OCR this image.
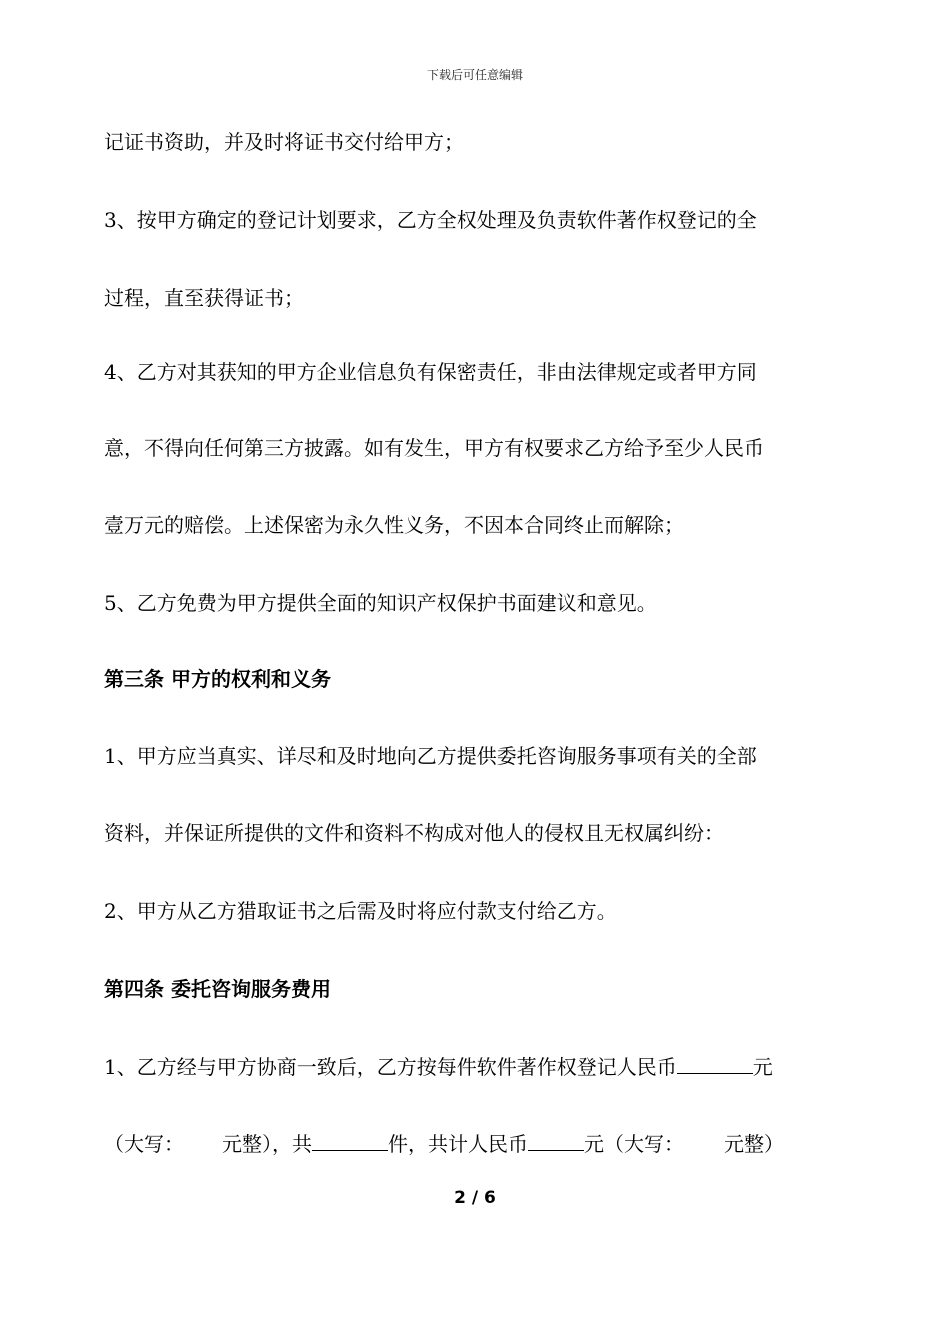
下载后可任意编辑
记证书资助，并及时将证书交付给甲方；
3、按甲方确定的登记计划要求，乙方全权处理及负责软件著作权登记的全
过程，直至获得证书；
4、乙方对其获知的甲方企业信息负有保密责任，非由法律规定或者甲方同
意，不得向任何第三方披露。如有发生，甲方有权要求乙方给予至少人民币
壹万元的赔偿。上述保密为永久性义务，不因本合同终止而解除；
5、乙方免费为甲方提供全面的知识产权保护书面建议和意见。
第三条 甲方的权利和义务
1、甲方应当真实、详尽和及时地向乙方提供委托咨询服务事项有关的全部
资料，并保证所提供的文件和资料不构成对他人的侵权且无权属纠纷：
2、甲方从乙方猎取证书之后需及时将应付款支付给乙方。
第四条 委托咨询服务费用
1、乙方经与甲方协商一致后，乙方按每件软件著作权登记人民币	元
（大写： 元整），共	件，共计人民币	元（大写： 元整）
2 / 6
